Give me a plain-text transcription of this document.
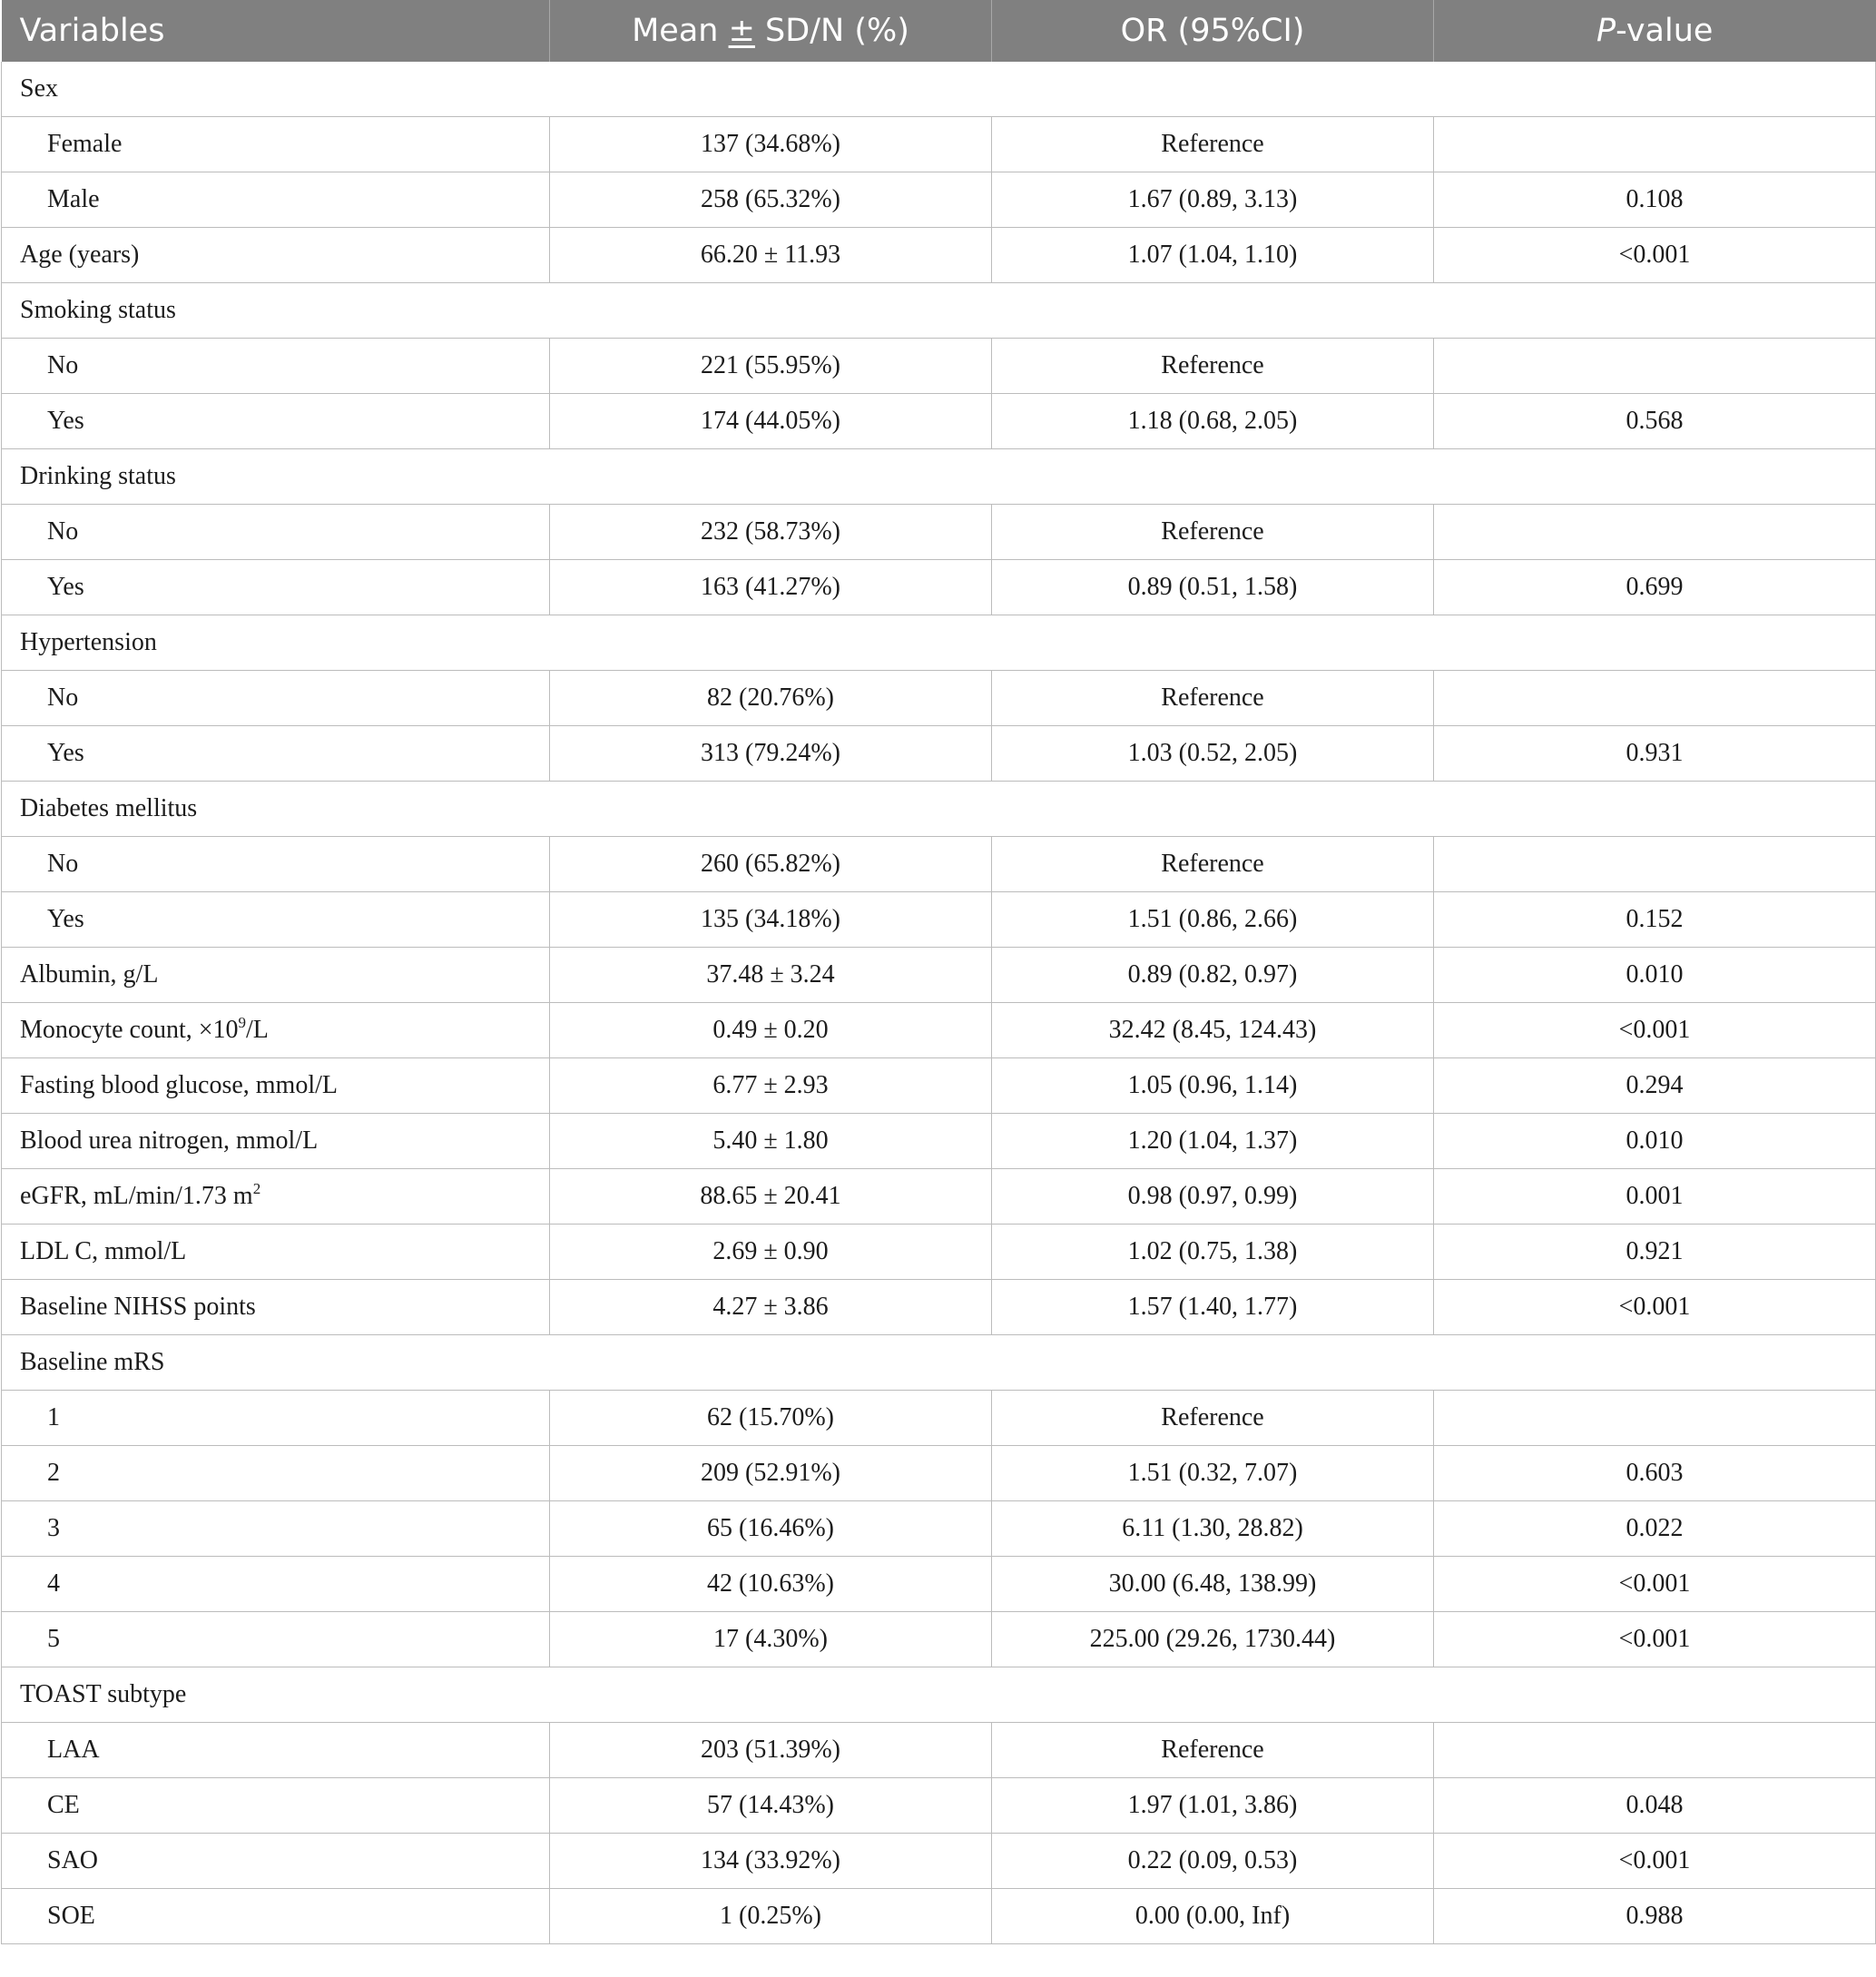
Variables	Mean ± SD/N (%)	OR (95%CI)	P-value
Sex			
Female	137 (34.68%)	Reference	
Male	258 (65.32%)	1.67 (0.89, 3.13)	0.108
Age (years)	66.20 ± 11.93	1.07 (1.04, 1.10)	<0.001
Smoking status			
No	221 (55.95%)	Reference	
Yes	174 (44.05%)	1.18 (0.68, 2.05)	0.568
Drinking status			
No	232 (58.73%)	Reference	
Yes	163 (41.27%)	0.89 (0.51, 1.58)	0.699
Hypertension			
No	82 (20.76%)	Reference	
Yes	313 (79.24%)	1.03 (0.52, 2.05)	0.931
Diabetes mellitus			
No	260 (65.82%)	Reference	
Yes	135 (34.18%)	1.51 (0.86, 2.66)	0.152
Albumin, g/L	37.48 ± 3.24	0.89 (0.82, 0.97)	0.010
Monocyte count, $\times 10^9/L$	0.49 ± 0.20	32.42 (8.45, 124.43)	<0.001
Fasting blood glucose, mmol/L	6.77 ± 2.93	1.05 (0.96, 1.14)	0.294
Blood urea nitrogen, mmol/L	5.40 ± 1.80	1.20 (1.04, 1.37)	0.010
eGFR, mL/min/1.73 $m^2$	88.65 ± 20.41	0.98 (0.97, 0.99)	0.001
LDL C, mmol/L	2.69 ± 0.90	1.02 (0.75, 1.38)	0.921
Baseline NIHSS points	4.27 ± 3.86	1.57 (1.40, 1.77)	<0.001
Baseline mRS			
1	62 (15.70%)	Reference	
2	209 (52.91%)	1.51 (0.32, 7.07)	0.603
3	65 (16.46%)	6.11 (1.30, 28.82)	0.022
4	42 (10.63%)	30.00 (6.48, 138.99)	<0.001
5	17 (4.30%)	225.00 (29.26, 1730.44)	<0.001
TOAST subtype			
LAA	203 (51.39%)	Reference	
CE	57 (14.43%)	1.97 (1.01, 3.86)	0.048
SAO	134 (33.92%)	0.22 (0.09, 0.53)	<0.001
SOE	1 (0.25%)	0.00 (0.00, Inf)	0.988
